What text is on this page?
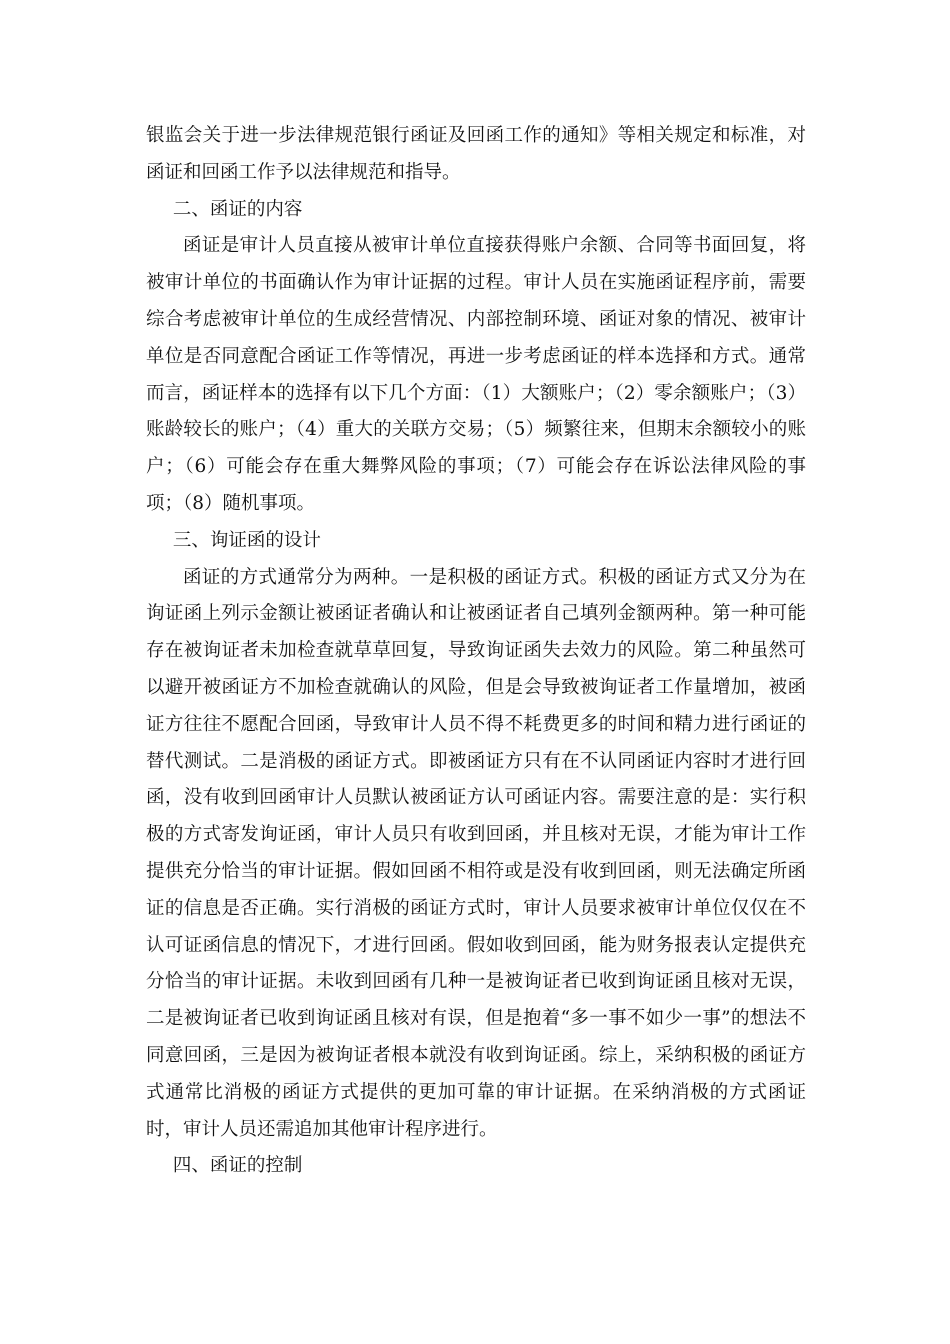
银监会关于进一步法律规范银行函证及回函工作的通知》等相关规定和标准，对函证和回函工作予以法律规范和指导。

二、函证的内容

函证是审计人员直接从被审计单位直接获得账户余额、合同等书面回复，将被审计单位的书面确认作为审计证据的过程。审计人员在实施函证程序前，需要综合考虑被审计单位的生成经营情况、内部控制环境、函证对象的情况、被审计单位是否同意配合函证工作等情况，再进一步考虑函证的样本选择和方式。通常而言，函证样本的选择有以下几个方面：（1）大额账户；（2）零余额账户；（3）账龄较长的账户；（4）重大的关联方交易；（5）频繁往来，但期末余额较小的账户；（6）可能会存在重大舞弊风险的事项；（7）可能会存在诉讼法律风险的事项；（8）随机事项。

三、询证函的设计

函证的方式通常分为两种。一是积极的函证方式。积极的函证方式又分为在询证函上列示金额让被函证者确认和让被函证者自己填列金额两种。第一种可能存在被询证者未加检查就草草回复，导致询证函失去效力的风险。第二种虽然可以避开被函证方不加检查就确认的风险，但是会导致被询证者工作量增加，被函证方往往不愿配合回函，导致审计人员不得不耗费更多的时间和精力进行函证的替代测试。二是消极的函证方式。即被函证方只有在不认同函证内容时才进行回函，没有收到回函审计人员默认被函证方认可函证内容。需要注意的是：实行积极的方式寄发询证函，审计人员只有收到回函，并且核对无误，才能为审计工作提供充分恰当的审计证据。假如回函不相符或是没有收到回函，则无法确定所函证的信息是否正确。实行消极的函证方式时，审计人员要求被审计单位仅仅在不认可证函信息的情况下，才进行回函。假如收到回函，能为财务报表认定提供充分恰当的审计证据。未收到回函有几种一是被询证者已收到询证函且核对无误，二是被询证者已收到询证函且核对有误，但是抱着“多一事不如少一事”的想法不同意回函，三是因为被询证者根本就没有收到询证函。综上，采纳积极的函证方式通常比消极的函证方式提供的更加可靠的审计证据。在采纳消极的方式函证时，审计人员还需追加其他审计程序进行。

四、函证的控制
